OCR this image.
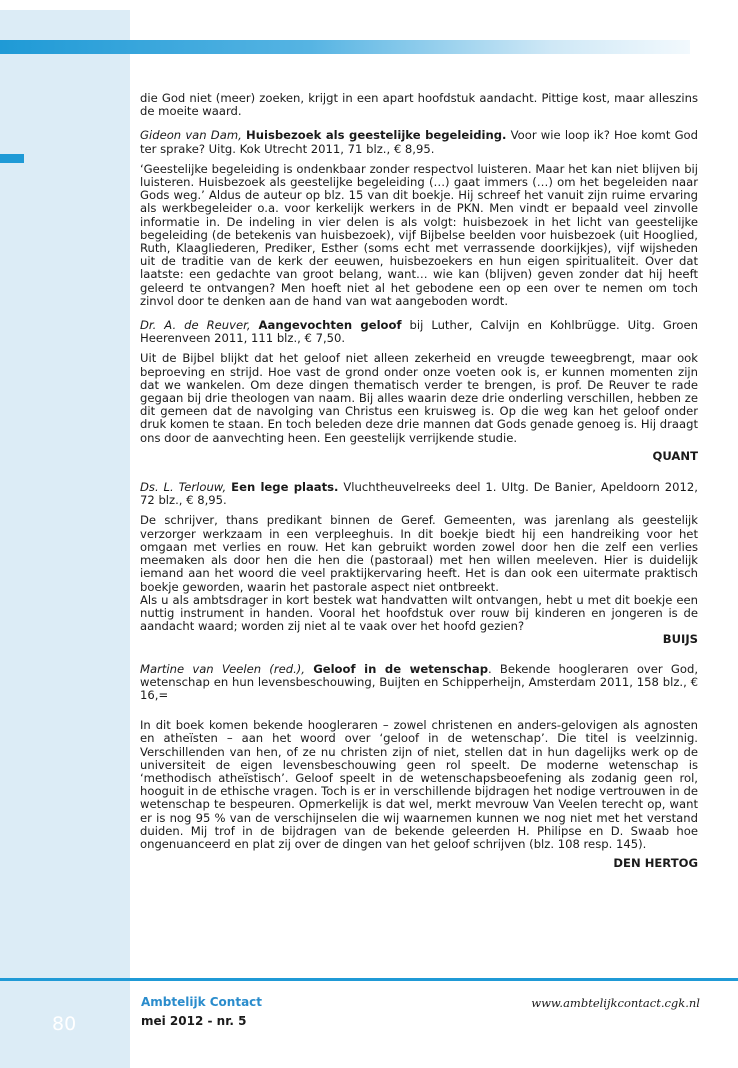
die God niet (meer) zoeken, krijgt in een apart hoofdstuk aandacht. Pittige kost, maar alleszins de moeite waard.

Gideon van Dam, Huisbezoek als geestelijke begeleiding. Voor wie loop ik? Hoe komt God ter sprake? Uitg. Kok Utrecht 2011, 71 blz., € 8,95.

‘Geestelijke begeleiding is ondenkbaar zonder respectvol luisteren. Maar het kan niet blijven bij luisteren. Huisbezoek als geestelijke begeleiding (…) gaat immers (…) om het begeleiden naar Gods weg.’ Aldus de auteur op blz. 15 van dit boekje. Hij schreef het vanuit zijn ruime ervaring als werkbegeleider o.a. voor kerkelijk werkers in de PKN. Men vindt er bepaald veel zinvolle informatie in. De indeling in vier delen is als volgt: huisbezoek in het licht van geestelijke begeleiding (de betekenis van huisbezoek), vijf Bijbelse beelden voor huisbezoek (uit Hooglied, Ruth, Klaagliederen, Prediker, Esther (soms echt met verrassende doorkijkjes), vijf wijsheden uit de traditie van de kerk der eeuwen, huisbezoekers en hun eigen spiritualiteit. Over dat laatste: een gedachte van groot belang, want… wie kan (blijven) geven zonder dat hij heeft geleerd te ontvangen? Men hoeft niet al het gebodene een op een over te nemen om toch zinvol door te denken aan de hand van wat aangeboden wordt.

Dr. A. de Reuver, Aangevochten geloof bij Luther, Calvijn en Kohlbrügge. Uitg. Groen Heerenveen 2011, 111 blz., € 7,50.

Uit de Bijbel blijkt dat het geloof niet alleen zekerheid en vreugde teweegbrengt, maar ook beproeving en strijd. Hoe vast de grond onder onze voeten ook is, er kunnen momenten zijn dat we wankelen. Om deze dingen thematisch verder te brengen, is prof. De Reuver te rade gegaan bij drie theologen van naam. Bij alles waarin deze drie onderling verschillen, hebben ze dit gemeen dat de navolging van Christus een kruisweg is. Op die weg kan het geloof onder druk komen te staan. En toch beleden deze drie mannen dat Gods genade genoeg is. Hij draagt ons door de aanvechting heen. Een geestelijk verrijkende studie.

QUANT

Ds. L. Terlouw, Een lege plaats. Vluchtheuvelreeks deel 1. UItg. De Banier, Apeldoorn 2012, 72 blz., € 8,95.

De schrijver, thans predikant binnen de Geref. Gemeenten, was jarenlang als geestelijk verzorger werkzaam in een verpleeghuis. In dit boekje biedt hij een handreiking voor het omgaan met verlies en rouw. Het kan gebruikt worden zowel door hen die zelf een verlies meemaken als door hen die hen die (pastoraal) met hen willen meeleven. Hier is duidelijk iemand aan het woord die veel praktijkervaring heeft. Het is dan ook een uitermate praktisch boekje geworden, waarin het pastorale aspect niet ontbreekt.

Als u als ambtsdrager in kort bestek wat handvatten wilt ontvangen, hebt u met dit boekje een nuttig instrument in handen. Vooral het hoofdstuk over rouw bij kinderen en jongeren is de aandacht waard; worden zij niet al te vaak over het hoofd gezien?

BUIJS

Martine van Veelen (red.), Geloof in de wetenschap. Bekende hoogleraren over God, wetenschap en hun levensbeschouwing, Buijten en Schipperheijn, Amsterdam 2011, 158 blz., € 16,=

In dit boek komen bekende hoogleraren – zowel christenen en anders-gelovigen als agnosten en atheïsten – aan het woord over ‘geloof in de wetenschap’. Die titel is veelzinnig. Verschillenden van hen, of ze nu christen zijn of niet, stellen dat in hun dagelijks werk op de universiteit de eigen levensbeschouwing geen rol speelt. De moderne wetenschap is ‘methodisch atheïstisch’. Geloof speelt in de wetenschapsbeoefening als zodanig geen rol, hooguit in de ethische vragen. Toch is er in verschillende bijdragen het nodige vertrouwen in de wetenschap te bespeuren. Opmerkelijk is dat wel, merkt mevrouw Van Veelen terecht op, want er is nog 95 % van de verschijnselen die wij waarnemen kunnen we nog niet met het verstand duiden. Mij trof in de bijdragen van de bekende geleerden H. Philipse en D. Swaab hoe ongenuanceerd en plat zij over de dingen van het geloof schrijven (blz. 108 resp. 145).

DEN HERTOG
Ambtelijk Contact
mei 2012 - nr. 5
www.ambtelijkcontact.cgk.nl
80
